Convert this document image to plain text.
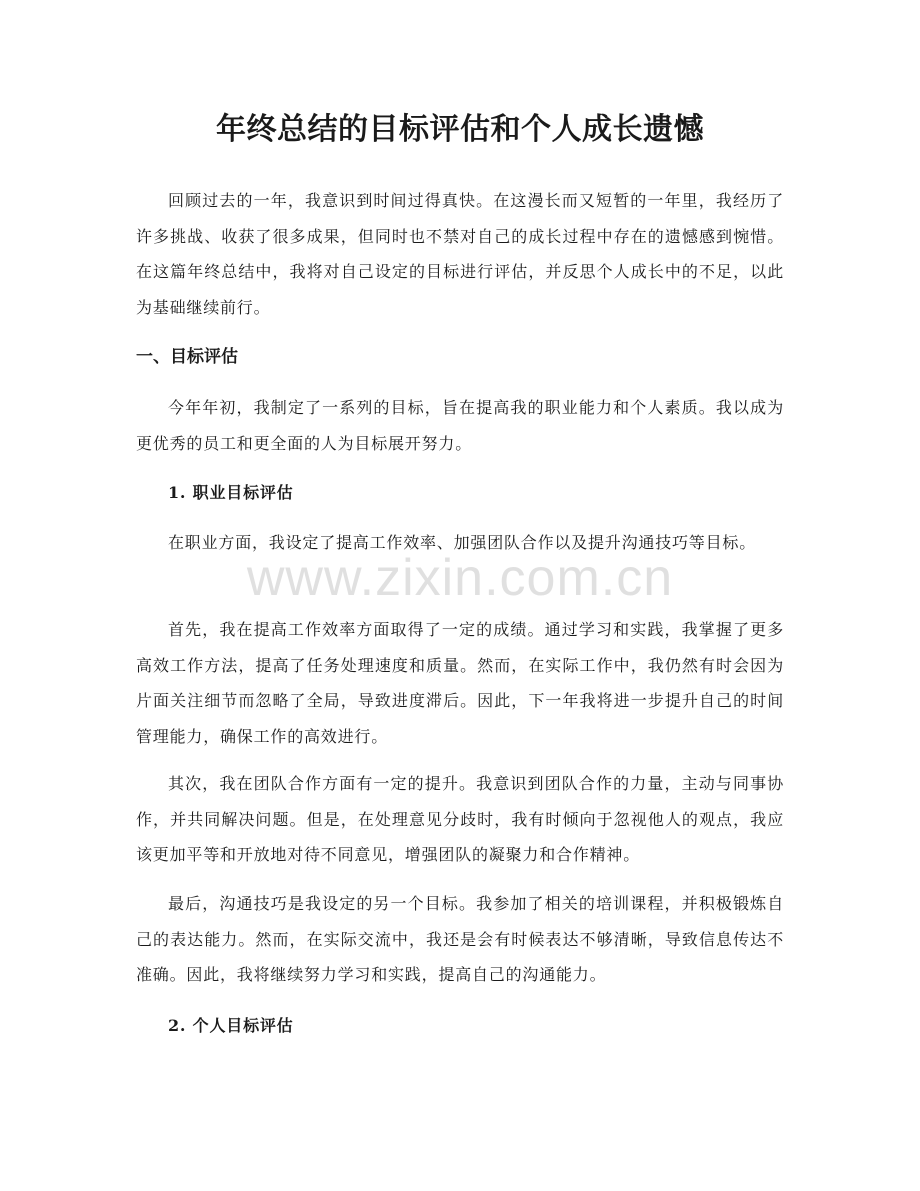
年终总结的目标评估和个人成长遗憾

回顾过去的一年，我意识到时间过得真快。在这漫长而又短暂的一年里，我经历了许多挑战、收获了很多成果，但同时也不禁对自己的成长过程中存在的遗憾感到惋惜。在这篇年终总结中，我将对自己设定的目标进行评估，并反思个人成长中的不足，以此为基础继续前行。

一、目标评估

今年年初，我制定了一系列的目标，旨在提高我的职业能力和个人素质。我以成为更优秀的员工和更全面的人为目标展开努力。

1. 职业目标评估

在职业方面，我设定了提高工作效率、加强团队合作以及提升沟通技巧等目标。

首先，我在提高工作效率方面取得了一定的成绩。通过学习和实践，我掌握了更多高效工作方法，提高了任务处理速度和质量。然而，在实际工作中，我仍然有时会因为片面关注细节而忽略了全局，导致进度滞后。因此，下一年我将进一步提升自己的时间管理能力，确保工作的高效进行。

其次，我在团队合作方面有一定的提升。我意识到团队合作的力量，主动与同事协作，并共同解决问题。但是，在处理意见分歧时，我有时倾向于忽视他人的观点，我应该更加平等和开放地对待不同意见，增强团队的凝聚力和合作精神。

最后，沟通技巧是我设定的另一个目标。我参加了相关的培训课程，并积极锻炼自己的表达能力。然而，在实际交流中，我还是会有时候表达不够清晰，导致信息传达不准确。因此，我将继续努力学习和实践，提高自己的沟通能力。

2. 个人目标评估
www.zixin.com.cn
